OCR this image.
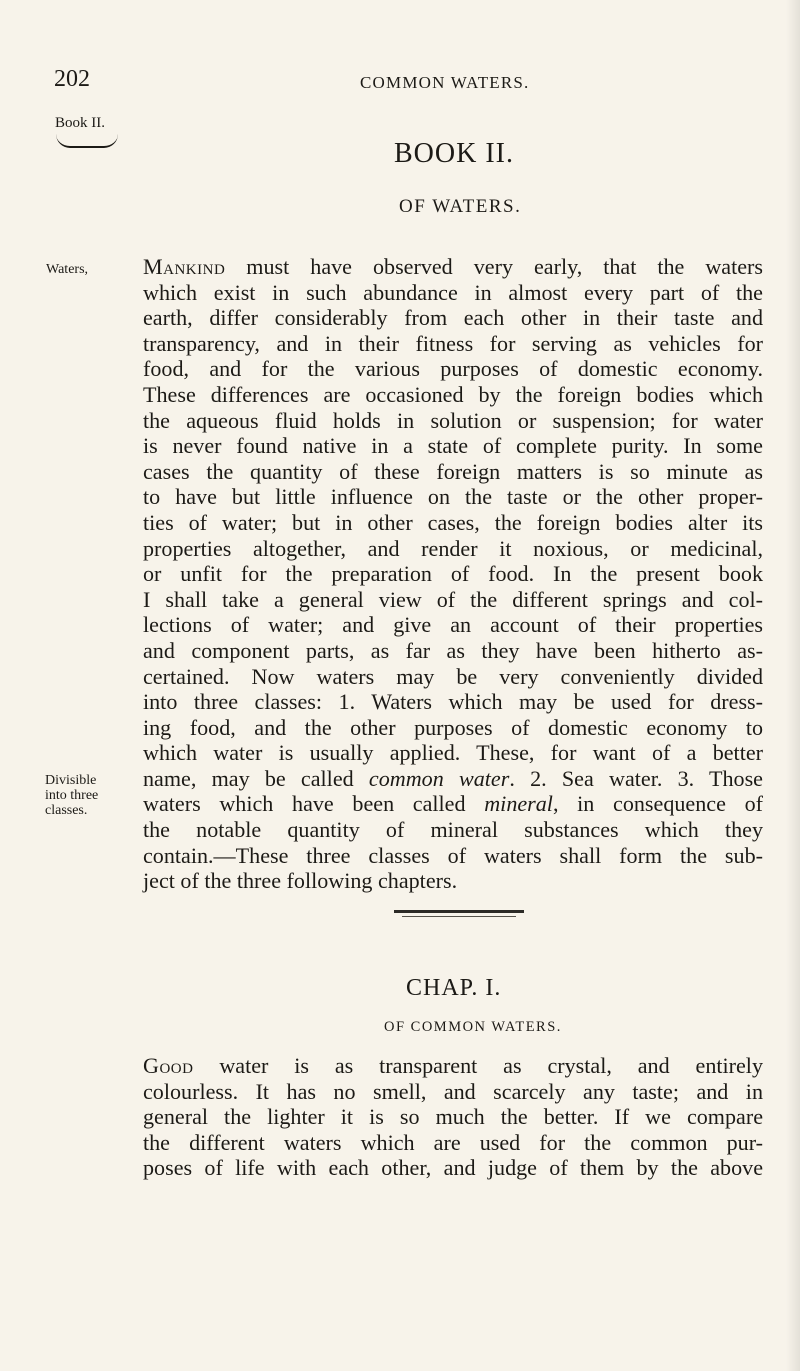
202	COMMON WATERS.
Book II.
BOOK II.
OF WATERS.
Waters, Mankind must have observed very early, that the waters
which exist in such abundance in almost every part of the
earth, differ considerably from each other in their taste and
transparency, and in their fitness for serving as vehicles for
food, and for the various purposes of domestic economy.
These differences are occasioned by the foreign bodies which
the aqueous fluid holds in solution or suspension; for water
is never found native in a state of complete purity. In some
cases the quantity of these foreign matters is so minute as
to have but little influence on the taste or the other proper-
ties of water; but in other cases, the foreign bodies alter its
properties altogether, and render it noxious, or medicinal,
or unfit for the preparation of food. In the present book
I shall take a general view of the different springs and col-
lections of water; and give an account of their properties
and component parts, as far as they have been hitherto as-
certained. Now waters may be very conveniently divided
into three classes: 1. Waters which may be used for dress-
ing food, and the other purposes of domestic economy to
which water is usually applied. These, for want of a better
name, may be called common water. 2. Sea water. 3. Those
waters which have been called mineral, in consequence of
the notable quantity of mineral substances which they
contain.—These three classes of waters shall form the sub-
ject of the three following chapters.
Divisible
into three
classes.
CHAP. I.
OF COMMON WATERS.
Good water is as transparent as crystal, and entirely
colourless. It has no smell, and scarcely any taste; and in
general the lighter it is so much the better. If we compare
the different waters which are used for the common pur-
poses of life with each other, and judge of them by the above
